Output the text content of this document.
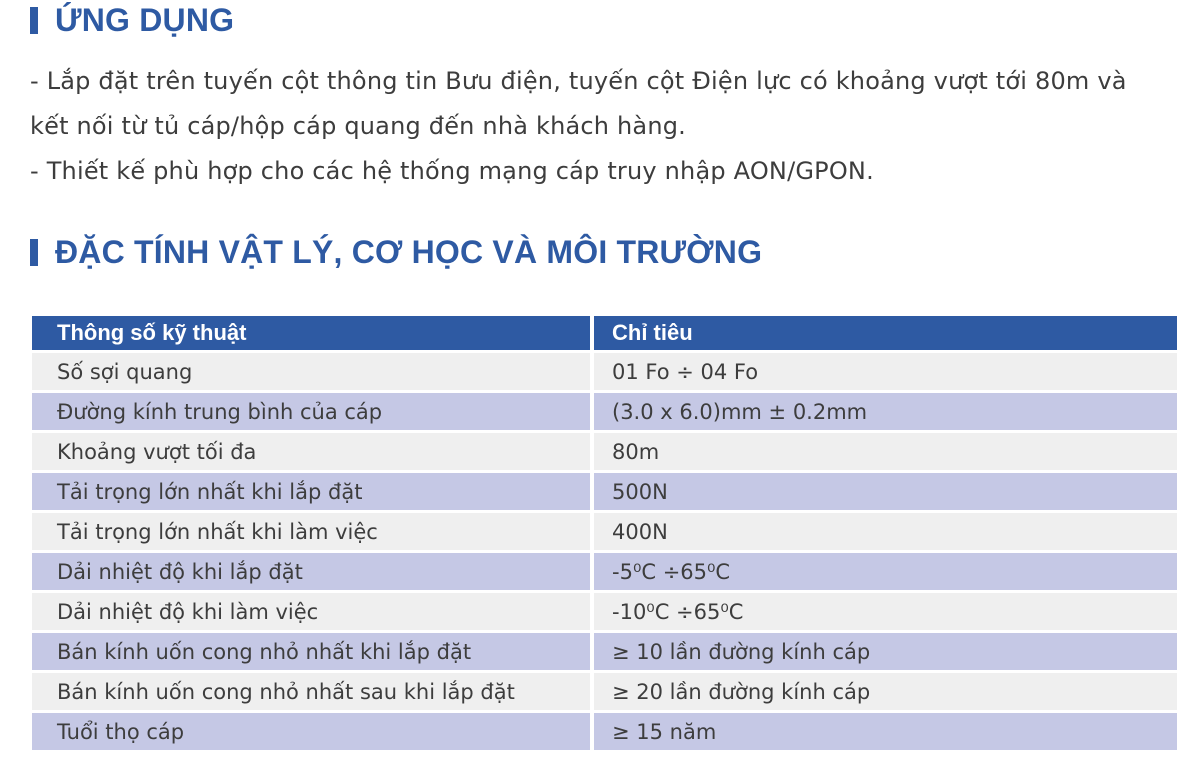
ỨNG DỤNG

- Lắp đặt trên tuyến cột thông tin Bưu điện, tuyến cột Điện lực có khoảng vượt tới 80m và

kết nối từ tủ cáp/hộp cáp quang đến nhà khách hàng.

- Thiết kế phù hợp cho các hệ thống mạng cáp truy nhập AON/GPON.

ĐẶC TÍNH VẬT LÝ, CƠ HỌC VÀ MÔI TRƯỜNG
Thông số kỹ thuật	Chỉ tiêu
Số sợi quang	01 Fo ÷ 04 Fo
Đường kính trung bình của cáp	(3.0 x 6.0)mm ± 0.2mm
Khoảng vượt tối đa	80m
Tải trọng lớn nhất khi lắp đặt	500N
Tải trọng lớn nhất khi làm việc	400N
Dải nhiệt độ khi lắp đặt	-5⁰C ÷65⁰C
Dải nhiệt độ khi làm việc	-10⁰C ÷65⁰C
Bán kính uốn cong nhỏ nhất khi lắp đặt	≥ 10 lần đường kính cáp
Bán kính uốn cong nhỏ nhất sau khi lắp đặt	≥ 20 lần đường kính cáp
Tuổi thọ cáp	≥ 15 năm
